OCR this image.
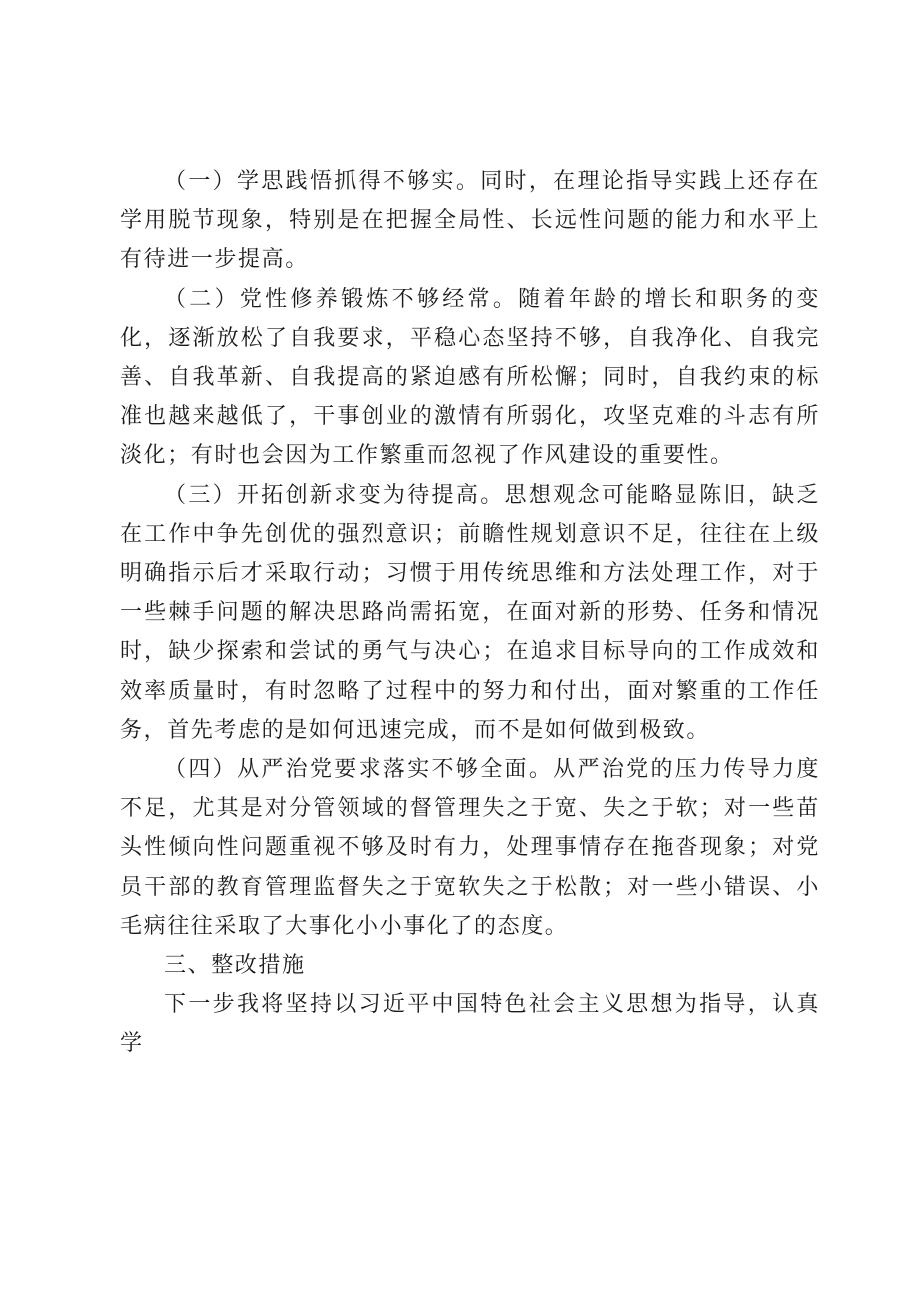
（一）学思践悟抓得不够实。同时，在理论指导实践上还存在学用脱节现象，特别是在把握全局性、长远性问题的能力和水平上有待进一步提高。

（二）党性修养锻炼不够经常。随着年龄的增长和职务的变化，逐渐放松了自我要求，平稳心态坚持不够，自我净化、自我完善、自我革新、自我提高的紧迫感有所松懈；同时，自我约束的标准也越来越低了，干事创业的激情有所弱化，攻坚克难的斗志有所淡化；有时也会因为工作繁重而忽视了作风建设的重要性。

（三）开拓创新求变为待提高。思想观念可能略显陈旧，缺乏在工作中争先创优的强烈意识；前瞻性规划意识不足，往往在上级明确指示后才采取行动；习惯于用传统思维和方法处理工作，对于一些棘手问题的解决思路尚需拓宽，在面对新的形势、任务和情况时，缺少探索和尝试的勇气与决心；在追求目标导向的工作成效和效率质量时，有时忽略了过程中的努力和付出，面对繁重的工作任务，首先考虑的是如何迅速完成，而不是如何做到极致。

（四）从严治党要求落实不够全面。从严治党的压力传导力度不足，尤其是对分管领域的督管理失之于宽、失之于软；对一些苗头性倾向性问题重视不够及时有力，处理事情存在拖沓现象；对党员干部的教育管理监督失之于宽软失之于松散；对一些小错误、小毛病往往采取了大事化小小事化了的态度。

三、整改措施

下一步我将坚持以习近平中国特色社会主义思想为指导，认真学
